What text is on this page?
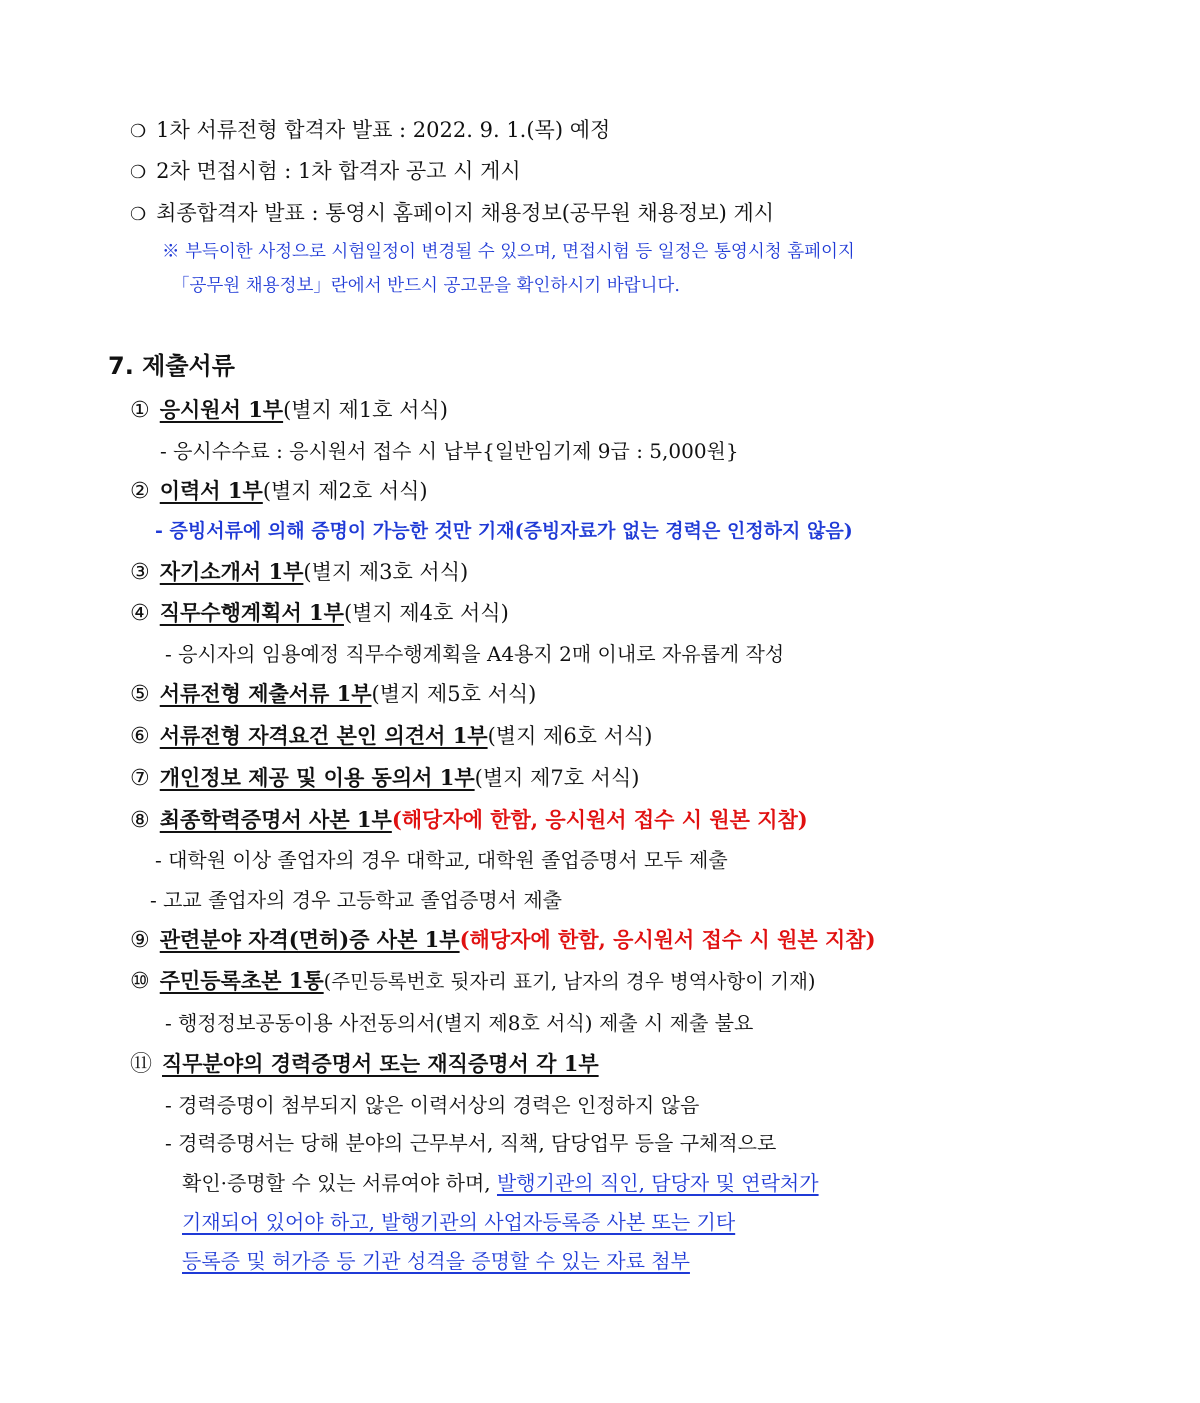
❍ 1차 서류전형 합격자 발표 : 2022. 9. 1.(목) 예정
❍ 2차 면접시험 : 1차 합격자 공고 시 게시
❍ 최종합격자 발표 : 통영시 홈페이지 채용정보(공무원 채용정보) 게시
※ 부득이한 사정으로 시험일정이 변경될 수 있으며, 면접시험 등 일정은 통영시청 홈페이지
「공무원 채용정보」란에서 반드시 공고문을 확인하시기 바랍니다.
7. 제출서류
① 응시원서 1부(별지 제1호 서식)
- 응시수수료 : 응시원서 접수 시 납부{일반임기제 9급 : 5,000원}
② 이력서 1부(별지 제2호 서식)
- 증빙서류에 의해 증명이 가능한 것만 기재(증빙자료가 없는 경력은 인정하지 않음)
③ 자기소개서 1부(별지 제3호 서식)
④ 직무수행계획서 1부(별지 제4호 서식)
- 응시자의 임용예정 직무수행계획을 A4용지 2매 이내로 자유롭게 작성
⑤ 서류전형 제출서류 1부(별지 제5호 서식)
⑥ 서류전형 자격요건 본인 의견서 1부(별지 제6호 서식)
⑦ 개인정보 제공 및 이용 동의서 1부(별지 제7호 서식)
⑧ 최종학력증명서 사본 1부(해당자에 한함, 응시원서 접수 시 원본 지참)
- 대학원 이상 졸업자의 경우 대학교, 대학원 졸업증명서 모두 제출
- 고교 졸업자의 경우 고등학교 졸업증명서 제출
⑨ 관련분야 자격(면허)증 사본 1부(해당자에 한함, 응시원서 접수 시 원본 지참)
⑩ 주민등록초본 1통(주민등록번호 뒷자리 표기, 남자의 경우 병역사항이 기재)
- 행정정보공동이용 사전동의서(별지 제8호 서식) 제출 시 제출 불요
⑪ 직무분야의 경력증명서 또는 재직증명서 각 1부
- 경력증명이 첨부되지 않은 이력서상의 경력은 인정하지 않음
- 경력증명서는 당해 분야의 근무부서, 직책, 담당업무 등을 구체적으로
확인·증명할 수 있는 서류여야 하며, 발행기관의 직인, 담당자 및 연락처가
기재되어 있어야 하고, 발행기관의 사업자등록증 사본 또는 기타
등록증 및 허가증 등 기관 성격을 증명할 수 있는 자료 첨부
